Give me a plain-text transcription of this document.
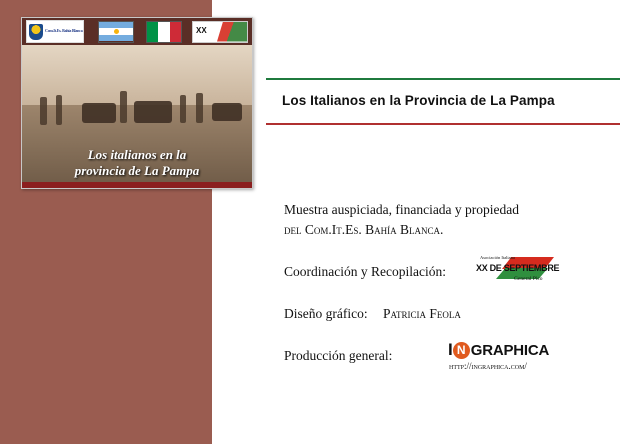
Com.It.Es. Bahía Blanca	XX
Los italianos en la
provincia de La Pampa
Los Italianos en la Provincia de La Pampa
Muestra auspiciada, financiada y propiedad
del Com.It.Es. Bahía Blanca.
Coordinación y Recopilación:
Asociación Italiana
XX DE SEPTIEMBRE
General Pico
Diseño gráfico: Patricia Feola
Producción general:	I N GRAPHICA
http://ingraphica.com/
